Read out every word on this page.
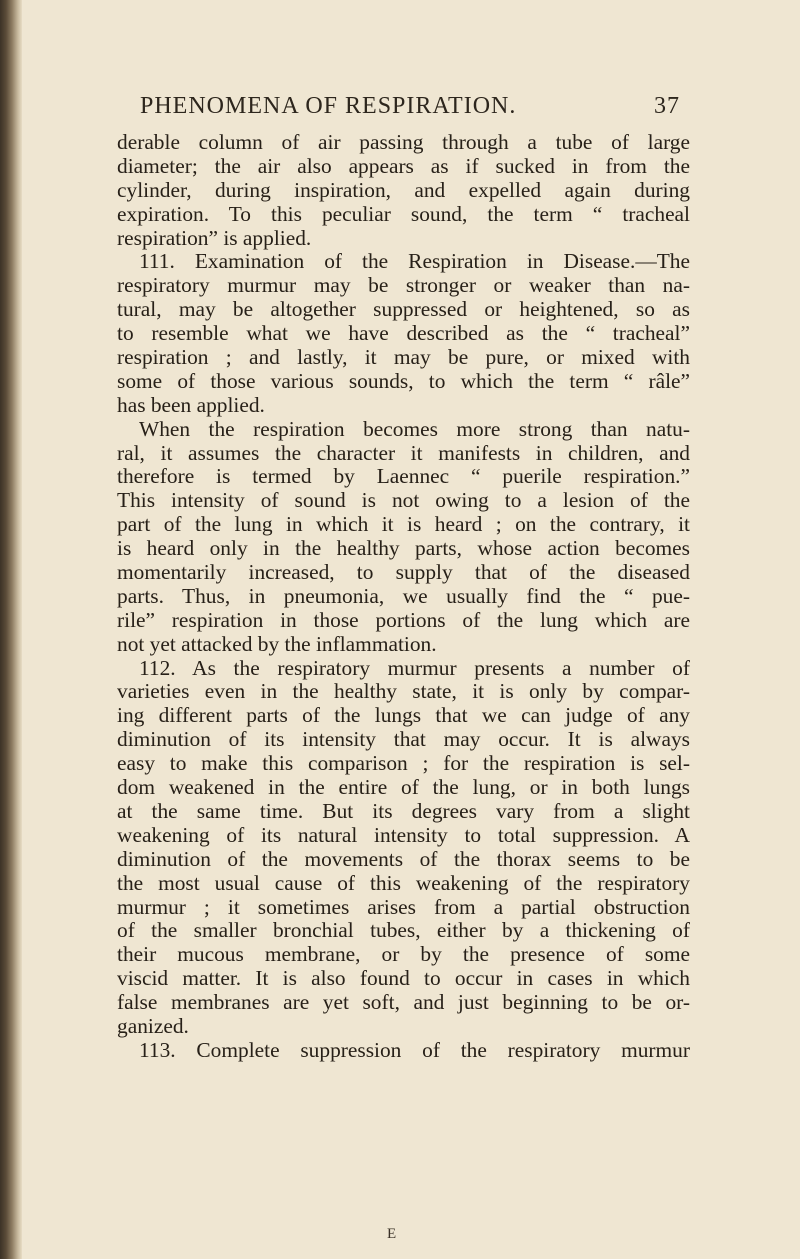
PHENOMENA OF RESPIRATION.	37
derable column of air passing through a tube of large
diameter; the air also appears as if sucked in from the
cylinder, during inspiration, and expelled again during
expiration. To this peculiar sound, the term “ tracheal
respiration” is applied.
111. Examination of the Respiration in Disease.—The
respiratory murmur may be stronger or weaker than na-
tural, may be altogether suppressed or heightened, so as
to resemble what we have described as the “ tracheal”
respiration ; and lastly, it may be pure, or mixed with
some of those various sounds, to which the term “ râle”
has been applied.
When the respiration becomes more strong than natu-
ral, it assumes the character it manifests in children, and
therefore is termed by Laennec “ puerile respiration.”
This intensity of sound is not owing to a lesion of the
part of the lung in which it is heard ; on the contrary, it
is heard only in the healthy parts, whose action becomes
momentarily increased, to supply that of the diseased
parts. Thus, in pneumonia, we usually find the “ pue-
rile” respiration in those portions of the lung which are
not yet attacked by the inflammation.
112. As the respiratory murmur presents a number of
varieties even in the healthy state, it is only by compar-
ing different parts of the lungs that we can judge of any
diminution of its intensity that may occur. It is always
easy to make this comparison ; for the respiration is sel-
dom weakened in the entire of the lung, or in both lungs
at the same time. But its degrees vary from a slight
weakening of its natural intensity to total suppression. A
diminution of the movements of the thorax seems to be
the most usual cause of this weakening of the respiratory
murmur ; it sometimes arises from a partial obstruction
of the smaller bronchial tubes, either by a thickening of
their mucous membrane, or by the presence of some
viscid matter. It is also found to occur in cases in which
false membranes are yet soft, and just beginning to be or-
ganized.
113. Complete suppression of the respiratory murmur
E
